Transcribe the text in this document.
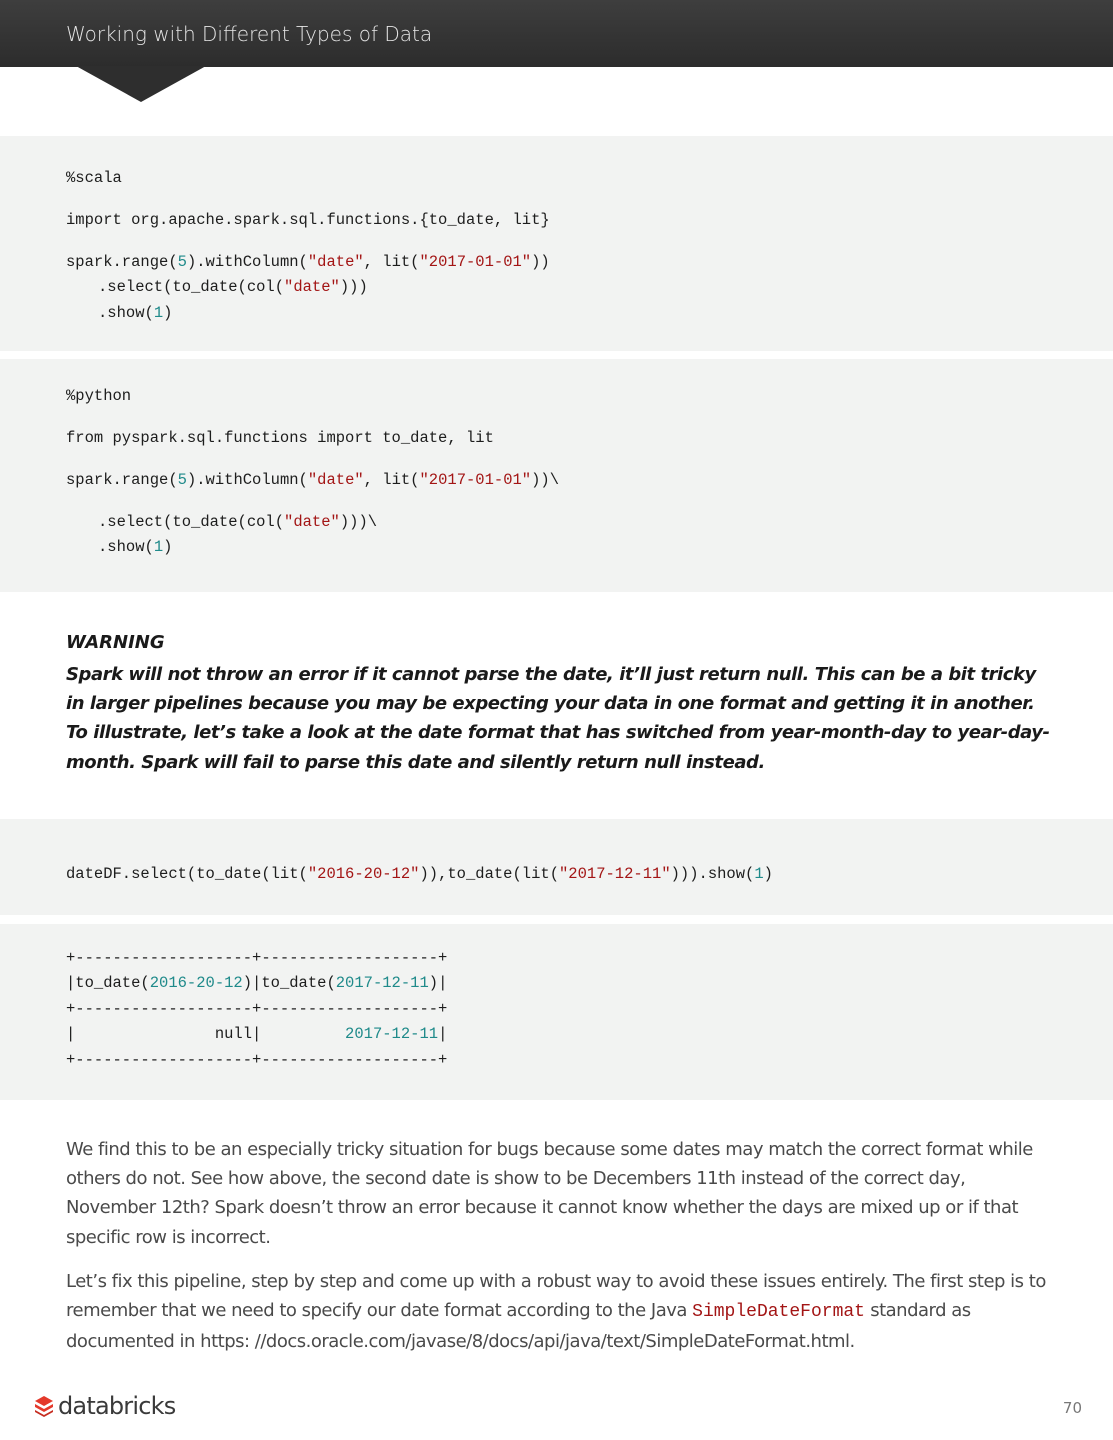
Working with Different Types of Data
%scala
import org.apache.spark.sql.functions.{to_date, lit}
spark.range(5).withColumn("date", lit("2017-01-01"))
.select(to_date(col("date")))
.show(1)
%python
from pyspark.sql.functions import to_date, lit
spark.range(5).withColumn("date", lit("2017-01-01"))\
.select(to_date(col("date")))\
.show(1)
WARNING
Spark will not throw an error if it cannot parse the date, it’ll just return null. This can be a bit tricky in larger pipelines because you may be expecting your data in one format and getting it in another. To illustrate, let’s take a look at the date format that has switched from year-month-day to year-day-month. Spark will fail to parse this date and silently return null instead.
dateDF.select(to_date(lit("2016-20-12")),to_date(lit("2017-12-11"))).show(1)
+-------------------+-------------------+
|to_date(2016-20-12)|to_date(2017-12-11)|
+-------------------+-------------------+
|               null|         2017-12-11|
+-------------------+-------------------+
We find this to be an especially tricky situation for bugs because some dates may match the correct format while others do not. See how above, the second date is show to be Decembers 11th instead of the correct day, November 12th? Spark doesn’t throw an error because it cannot know whether the days are mixed up or if that specific row is incorrect.
Let’s fix this pipeline, step by step and come up with a robust way to avoid these issues entirely. The first step is to remember that we need to specify our date format according to the Java SimpleDateFormat standard as documented in https: //docs.oracle.com/javase/8/docs/api/java/text/SimpleDateFormat.html.
databricks	70
